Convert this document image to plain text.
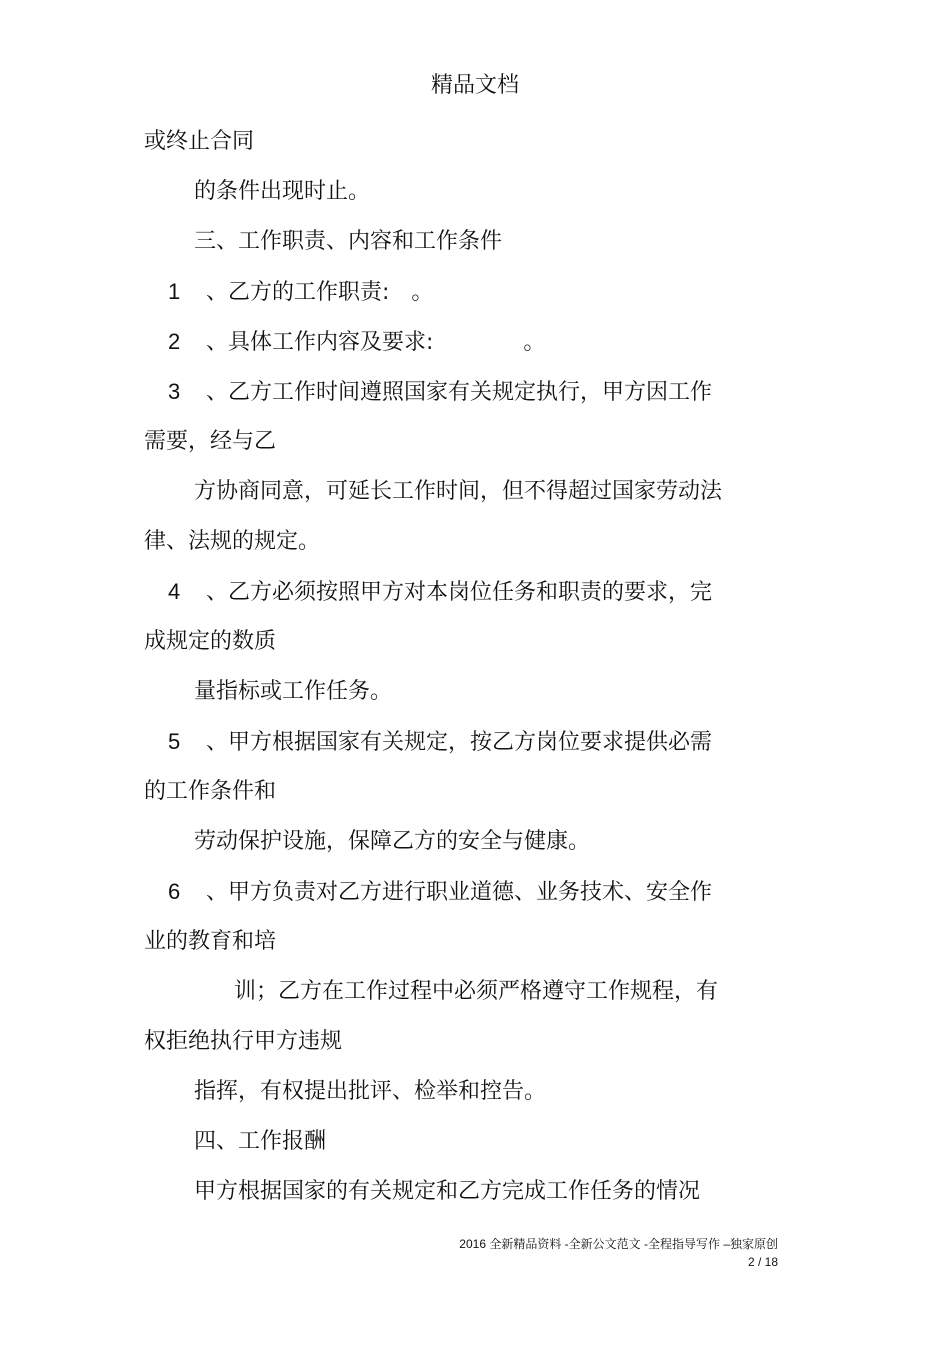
精品文档
或终止合同
的条件出现时止。
三、工作职责、内容和工作条件
1 、乙方的工作职责: 。
2 、具体工作内容及要求:	。
3 、乙方工作时间遵照国家有关规定执行，甲方因工作
需要，经与乙
方协商同意，可延长工作时间，但不得超过国家劳动法
律、法规的规定。
4 、乙方必须按照甲方对本岗位任务和职责的要求，完
成规定的数质
量指标或工作任务。
5 、甲方根据国家有关规定，按乙方岗位要求提供必需
的工作条件和
劳动保护设施，保障乙方的安全与健康。
6 、甲方负责对乙方进行职业道德、业务技术、安全作
业的教育和培
训；乙方在工作过程中必须严格遵守工作规程，有
权拒绝执行甲方违规
指挥，有权提出批评、检举和控告。
四、工作报酬
甲方根据国家的有关规定和乙方完成工作任务的情况
2016 全新精品资料 -全新公文范文 -全程指导写作 –独家原创
2 / 18
